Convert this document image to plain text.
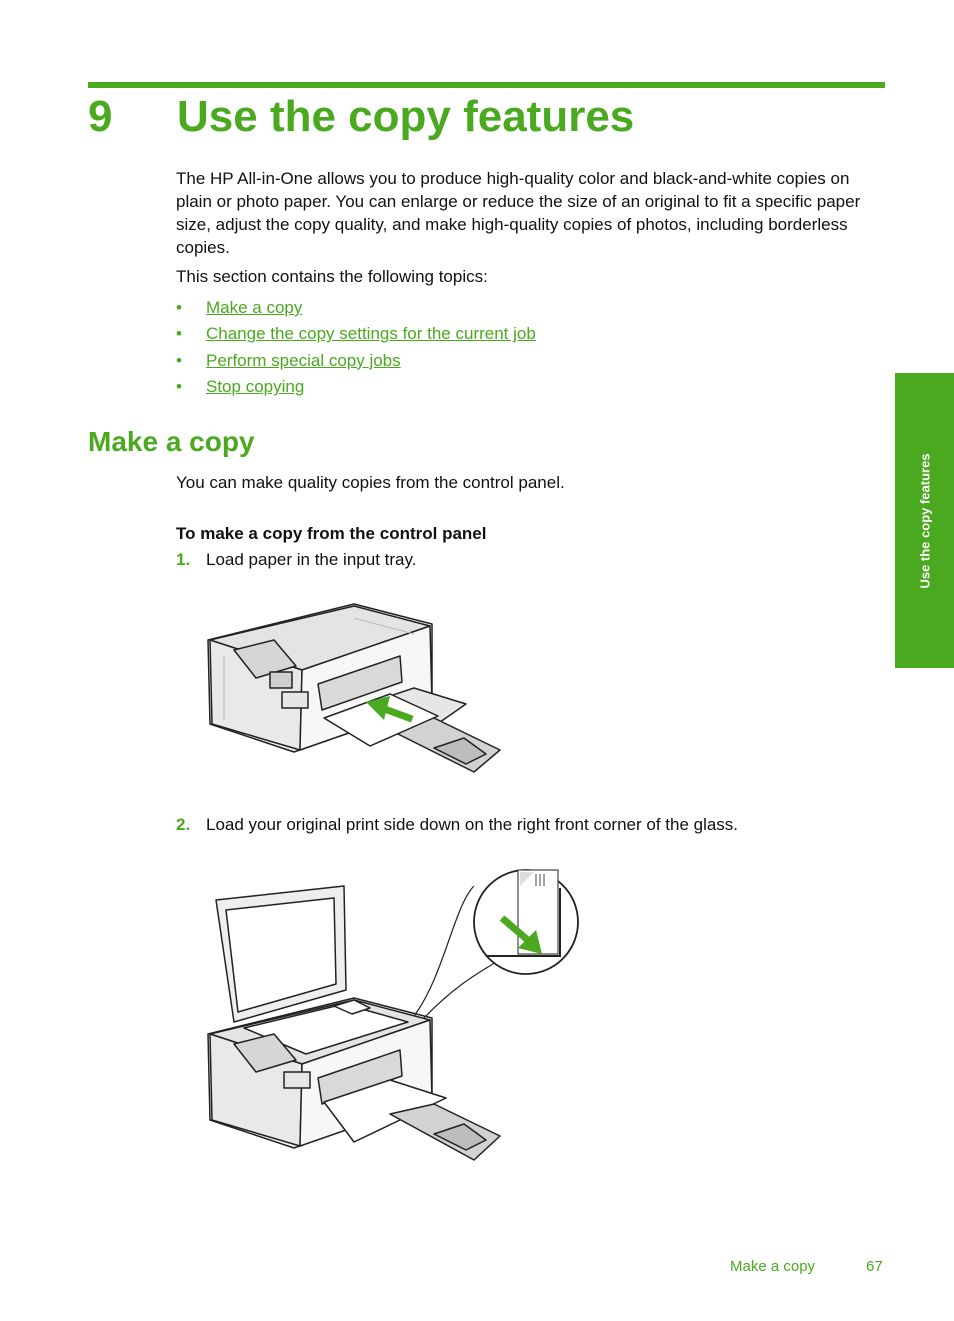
9 Use the copy features

The HP All-in-One allows you to produce high-quality color and black-and-white copies on plain or photo paper. You can enlarge or reduce the size of an original to fit a specific paper size, adjust the copy quality, and make high-quality copies of photos, including borderless copies.

This section contains the following topics:

• Make a copy
• Change the copy settings for the current job
• Perform special copy jobs
• Stop copying
Make a copy

You can make quality copies from the control panel.

To make a copy from the control panel

1. Load paper in the input tray.
2. Load your original print side down on the right front corner of the glass.
Use the copy features
Make a copy	67
